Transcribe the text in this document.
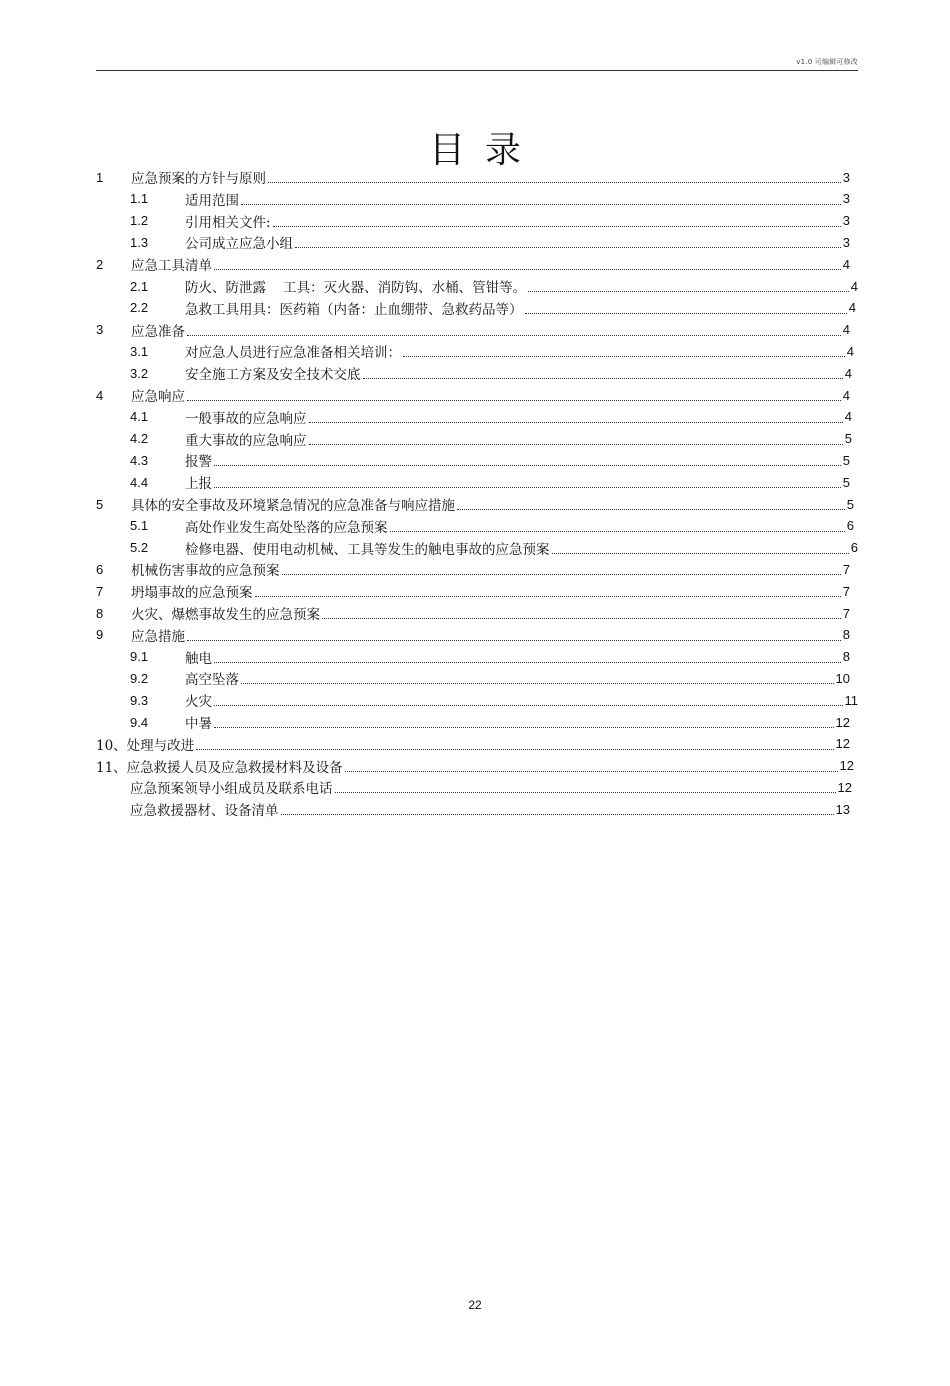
v1.0 可编辑可修改
目录
1	应急预案的方针与原则	3
1.1	适用范围	3
1.2	引用相关文件:	3
1.3	公司成立应急小组	3
2	应急工具清单	4
2.1	防火、防泄露    工具：灭火器、消防钩、水桶、管钳等。	4
2.2	急救工具用具：医药箱（内备：止血绷带、急救药品等）	4
3	应急准备	4
3.1	对应急人员进行应急准备相关培训：	4
3.2	安全施工方案及安全技术交底	4
4	应急响应	4
4.1	一般事故的应急响应	4
4.2	重大事故的应急响应	5
4.3	报警	5
4.4	上报	5
5	具体的安全事故及环境紧急情况的应急准备与响应措施	5
5.1	高处作业发生高处坠落的应急预案	6
5.2	检修电器、使用电动机械、工具等发生的触电事故的应急预案	6
6	机械伤害事故的应急预案	7
7	坍塌事故的应急预案	7
8	火灾、爆燃事故发生的应急预案	7
9	应急措施	8
9.1	触电	8
9.2	高空坠落	10
9.3	火灾	11
9.4	中暑	12
10、处理与改进	12
11、应急救援人员及应急救援材料及设备	12
应急预案领导小组成员及联系电话	12
应急救援器材、设备清单	13
22
